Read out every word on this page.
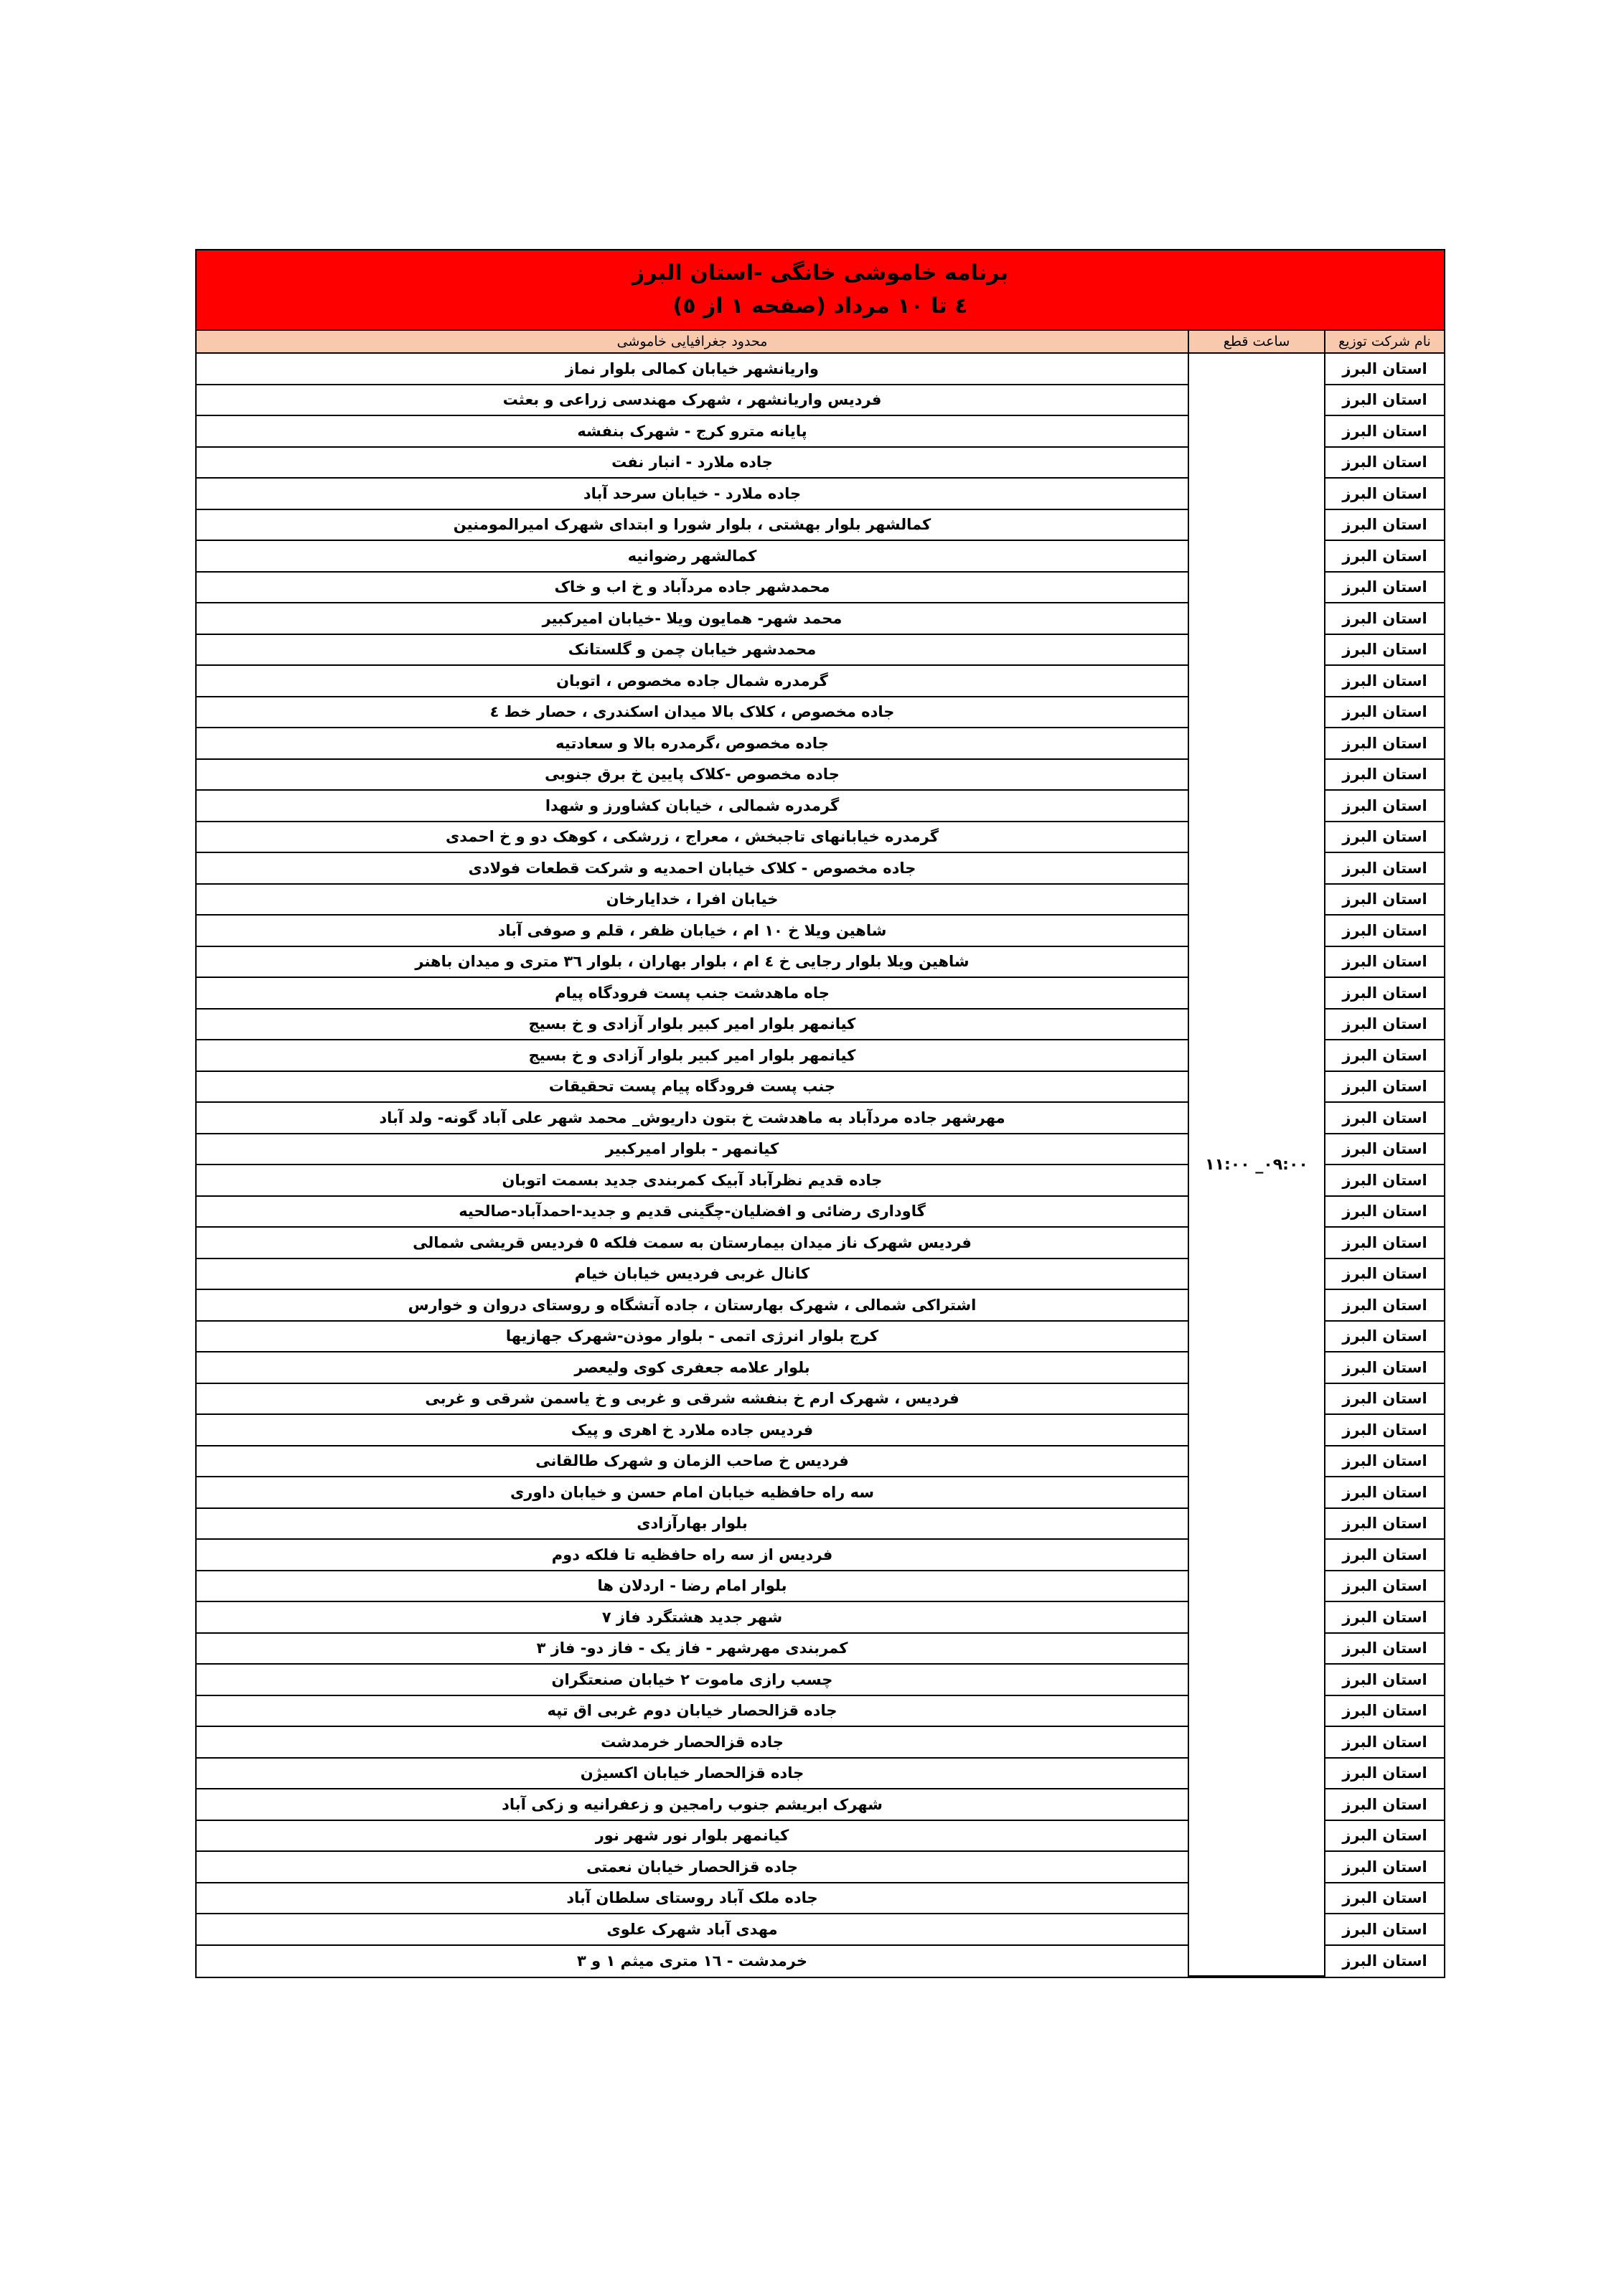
برنامه خاموشی خانگی -استان البرز
٤ تا ١٠ مرداد (صفحه ١ از ٥)
نام شرکت توزیع	ساعت قطع	محدود جغرافیایی خاموشی
استان البرز	۰۹:۰۰_ ۱۱:۰۰	واریانشهر خیابان کمالی بلوار نماز
استان البرز		فردیس واریانشهر ، شهرک مهندسی زراعی و بعثت
استان البرز		پایانه مترو کرج - شهرک بنفشه
استان البرز		جاده ملارد - انبار نفت
استان البرز		جاده ملارد - خیابان سرحد آباد
استان البرز		کمالشهر بلوار بهشتی ، بلوار شورا و ابتدای شهرک امیرالمومنین
استان البرز		کمالشهر رضوانیه
استان البرز		محمدشهر جاده مردآباد و خ اب و خاک
استان البرز		محمد شهر- همایون ویلا -خیابان امیرکبیر
استان البرز		محمدشهر خیابان چمن و گلستانک
استان البرز		گرمدره شمال جاده مخصوص ، اتوبان
استان البرز		جاده مخصوص ، کلاک بالا میدان اسکندری ، حصار خط ٤
استان البرز		جاده مخصوص ،گرمدره بالا و سعادتیه
استان البرز		جاده مخصوص -کلاک پایین خ برق جنوبی
استان البرز		گرمدره شمالی ، خیابان کشاورز و شهدا
استان البرز		گرمدره خیابانهای تاجبخش ، معراج ، زرشکی ، کوهک دو و خ احمدی
استان البرز		جاده مخصوص - کلاک خیابان احمدیه و شرکت قطعات فولادی
استان البرز		خیابان افرا ، خدایارخان
استان البرز		شاهین ویلا خ ١٠ ام ، خیابان ظفر ، قلم و صوفی آباد
استان البرز		شاهین ویلا بلوار رجایی خ ٤ ام ، بلوار بهاران ، بلوار ٣٦ متری و میدان باهنر
استان البرز		جاه ماهدشت جنب پست فرودگاه پیام
استان البرز		کیانمهر بلوار امیر کبیر بلوار آزادی و خ بسیج
استان البرز		کیانمهر بلوار امیر کبیر بلوار آزادی و خ بسیج
استان البرز		جنب پست فرودگاه پیام پست تحقیقات
استان البرز		مهرشهر جاده مردآباد به ماهدشت خ بتون داریوش_ محمد شهر علی آباد گونه- ولد آباد
استان البرز		کیانمهر - بلوار امیرکبیر
استان البرز		جاده قدیم نظرآباد آبیک کمربندی جدید بسمت اتوبان
استان البرز		گاوداری رضائی و افضلیان-چگینی قدیم و جدید-احمدآباد-صالحیه
استان البرز		فردیس شهرک ناز میدان بیمارستان به سمت فلکه ٥ فردیس قریشی شمالی
استان البرز		کانال غربی فردیس خیابان خیام
استان البرز		اشتراکی شمالی ، شهرک بهارستان ، جاده آتشگاه و روستای دروان و خوارس
استان البرز		کرج بلوار انرژی اتمی - بلوار موذن-شهرک جهازیها
استان البرز		بلوار علامه جعفری کوی ولیعصر
استان البرز		فردیس ، شهرک ارم خ بنفشه شرقی و غربی و خ یاسمن شرقی و غربی
استان البرز		فردیس جاده ملارد خ اهری و پیک
استان البرز		فردیس خ صاحب الزمان و شهرک طالقانی
استان البرز		سه راه حافظیه خیابان امام حسن و خیابان داوری
استان البرز		بلوار بهارآزادی
استان البرز		فردیس از سه راه حافظیه تا فلکه دوم
استان البرز		بلوار امام رضا - اردلان ها
استان البرز		شهر جدید هشتگرد فاز ٧
استان البرز		کمربندی مهرشهر - فاز یک - فاز دو- فاز ٣
استان البرز		چسب رازی ماموت ٢ خیابان صنعتگران
استان البرز		جاده قزالحصار خیابان دوم غربی اق تپه
استان البرز		جاده قزالحصار خرمدشت
استان البرز		جاده قزالحصار خیابان اکسیژن
استان البرز		شهرک ابریشم جنوب رامجین و زعفرانیه و زکی آباد
استان البرز		کیانمهر بلوار نور شهر نور
استان البرز		جاده قزالحصار خیابان نعمتی
استان البرز		جاده ملک آباد روستای سلطان آباد
استان البرز		مهدی آباد شهرک علوی
استان البرز		خرمدشت - ١٦ متری میثم ١ و ٣
